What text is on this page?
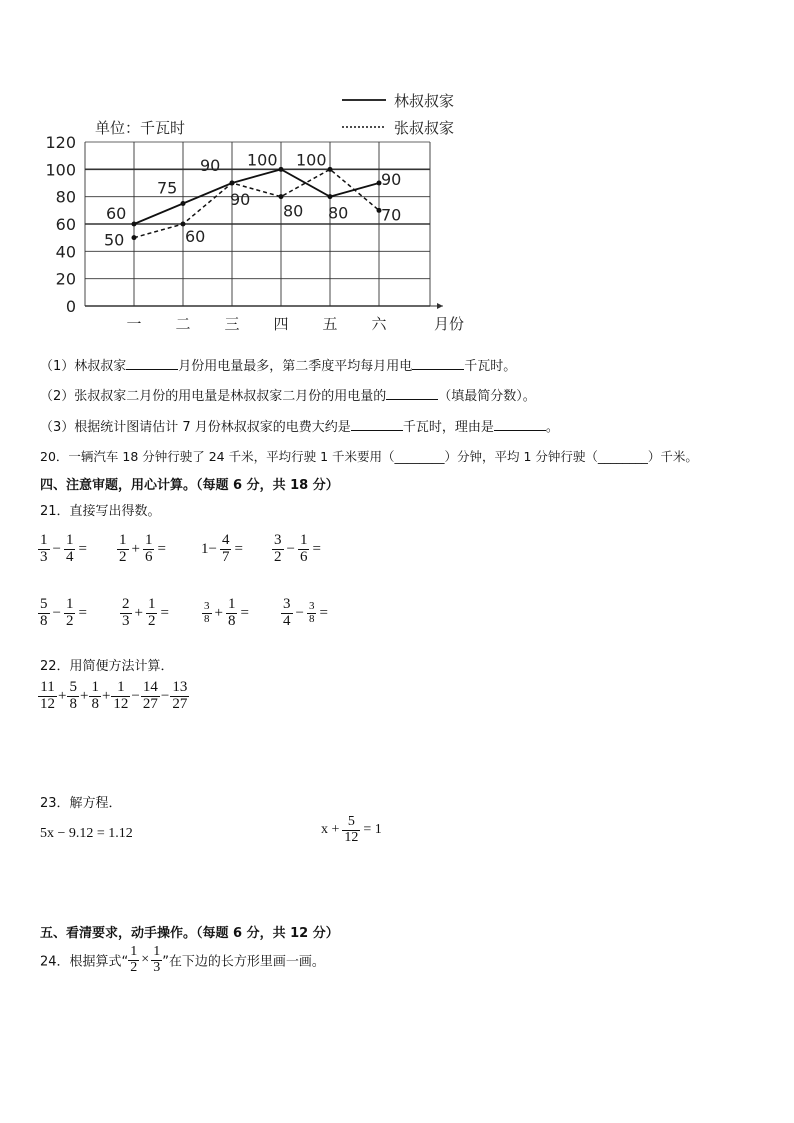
0
20
40
60
80
100
120
一 二 三 四 五 六
60
75
90 100
80
90
50	60
90
80
100
70
单位：千瓦时
月份
林叔叔家
张叔叔家
（1）林叔叔家	月份用电量最多，第二季度平均每月用电	千瓦时。
（2）张叔叔家二月份的用电量是林叔叔家二月份的用电量的	（填最简分数）。
（3）根据统计图请估计 7 月份林叔叔家的电费大约是	千瓦时，理由是	。
20．一辆汽车 18 分钟行驶了 24 千米，平均行驶 1 千米要用（________）分钟，平均 1 分钟行驶（________）千米。
四、注意审题，用心计算。（每题 6 分，共 18 分）
21．直接写出得数。
$\frac{1}{3} - \frac{1}{4} = \frac{1}{2} + \frac{1}{6} = 1- \frac{4}{7} = \frac{3}{2} - \frac{1}{6}$ =
$\frac{5}{8} - \frac{1}{2} = \frac{2}{3} + \frac{1}{2}$ =	$\frac{3}{8} + \frac{1}{8} = \frac{3}{4} - \frac{3}{8}$ =
22．用简便方法计算．
$\frac{11}{12} + \frac{5}{8} + \frac{1}{8} + \frac{1}{12} - \frac{14}{27} - \frac{13}{27}$
23．解方程．
5x − 9.12 = 1.12	$x + \frac{5}{12} = 1$
五、看清要求，动手操作。（每题 6 分，共 12 分）
24．根据算式“ $\frac{1}{2} \times \frac{1}{3}$ ”在下边的长方形里画一画。
